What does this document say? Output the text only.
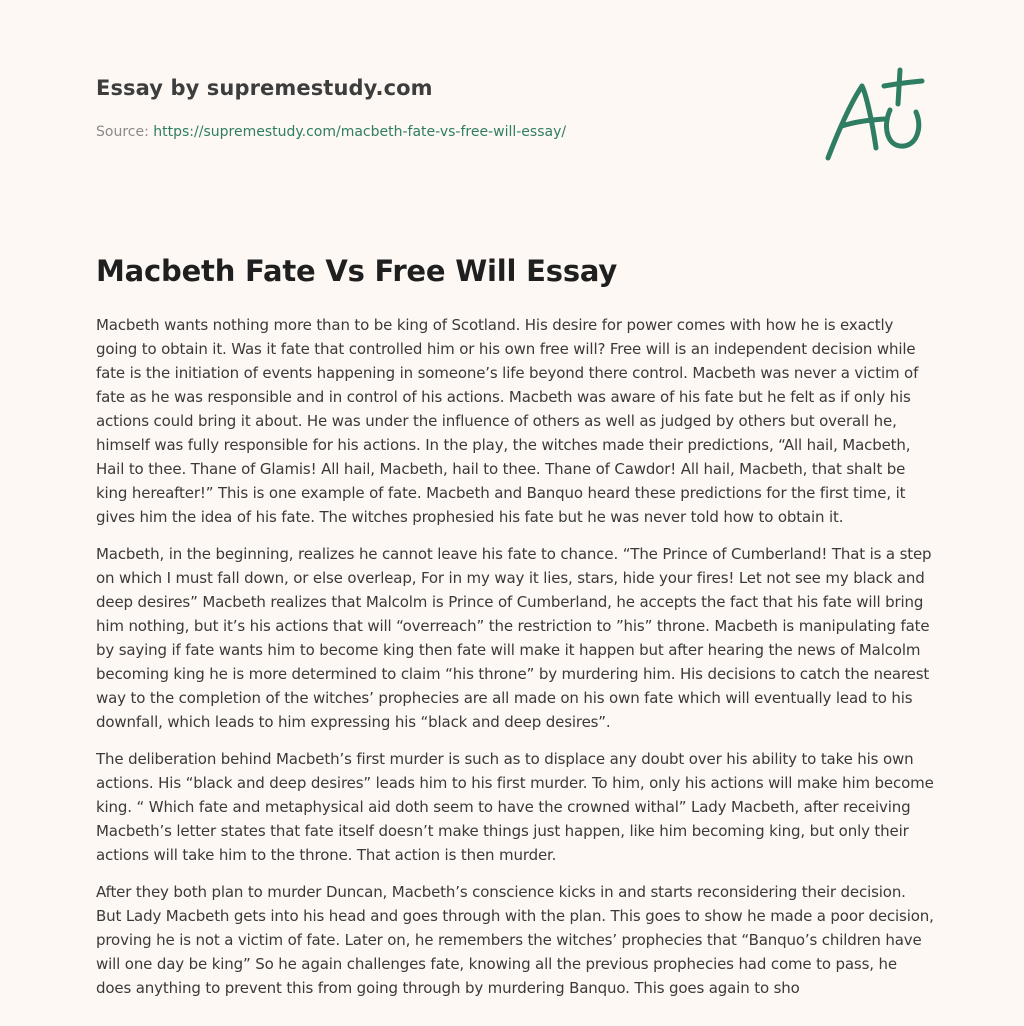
Essay by supremestudy.com
Source: https://supremestudy.com/macbeth-fate-vs-free-will-essay/
Macbeth Fate Vs Free Will Essay

Macbeth wants nothing more than to be king of Scotland. His desire for power comes with how he is exactly going to obtain it. Was it fate that controlled him or his own free will? Free will is an independent decision while fate is the initiation of events happening in someone’s life beyond there control. Macbeth was never a victim of fate as he was responsible and in control of his actions. Macbeth was aware of his fate but he felt as if only his actions could bring it about. He was under the influence of others as well as judged by others but overall he, himself was fully responsible for his actions. In the play, the witches made their predictions, “All hail, Macbeth, Hail to thee. Thane of Glamis! All hail, Macbeth, hail to thee. Thane of Cawdor! All hail, Macbeth, that shalt be king hereafter!” This is one example of fate. Macbeth and Banquo heard these predictions for the first time, it gives him the idea of his fate. The witches prophesied his fate but he was never told how to obtain it.

Macbeth, in the beginning, realizes he cannot leave his fate to chance. “The Prince of Cumberland! That is a step on which I must fall down, or else overleap, For in my way it lies, stars, hide your fires! Let not see my black and deep desires” Macbeth realizes that Malcolm is Prince of Cumberland, he accepts the fact that his fate will bring him nothing, but it’s his actions that will “overreach” the restriction to ”his” throne. Macbeth is manipulating fate by saying if fate wants him to become king then fate will make it happen but after hearing the news of Malcolm becoming king he is more determined to claim “his throne” by murdering him. His decisions to catch the nearest way to the completion of the witches’ prophecies are all made on his own fate which will eventually lead to his downfall, which leads to him expressing his “black and deep desires”.

The deliberation behind Macbeth’s first murder is such as to displace any doubt over his ability to take his own actions. His “black and deep desires” leads him to his first murder. To him, only his actions will make him become king. “ Which fate and metaphysical aid doth seem to have the crowned withal” Lady Macbeth, after receiving Macbeth’s letter states that fate itself doesn’t make things just happen, like him becoming king, but only their actions will take him to the throne. That action is then murder.

After they both plan to murder Duncan, Macbeth’s conscience kicks in and starts reconsidering their decision. But Lady Macbeth gets into his head and goes through with the plan. This goes to show he made a poor decision, proving he is not a victim of fate. Later on, he remembers the witches’ prophecies that “Banquo’s children have will one day be king” So he again challenges fate, knowing all the previous prophecies had come to pass, he does anything to prevent this from going through by murdering Banquo. This goes again to sho
